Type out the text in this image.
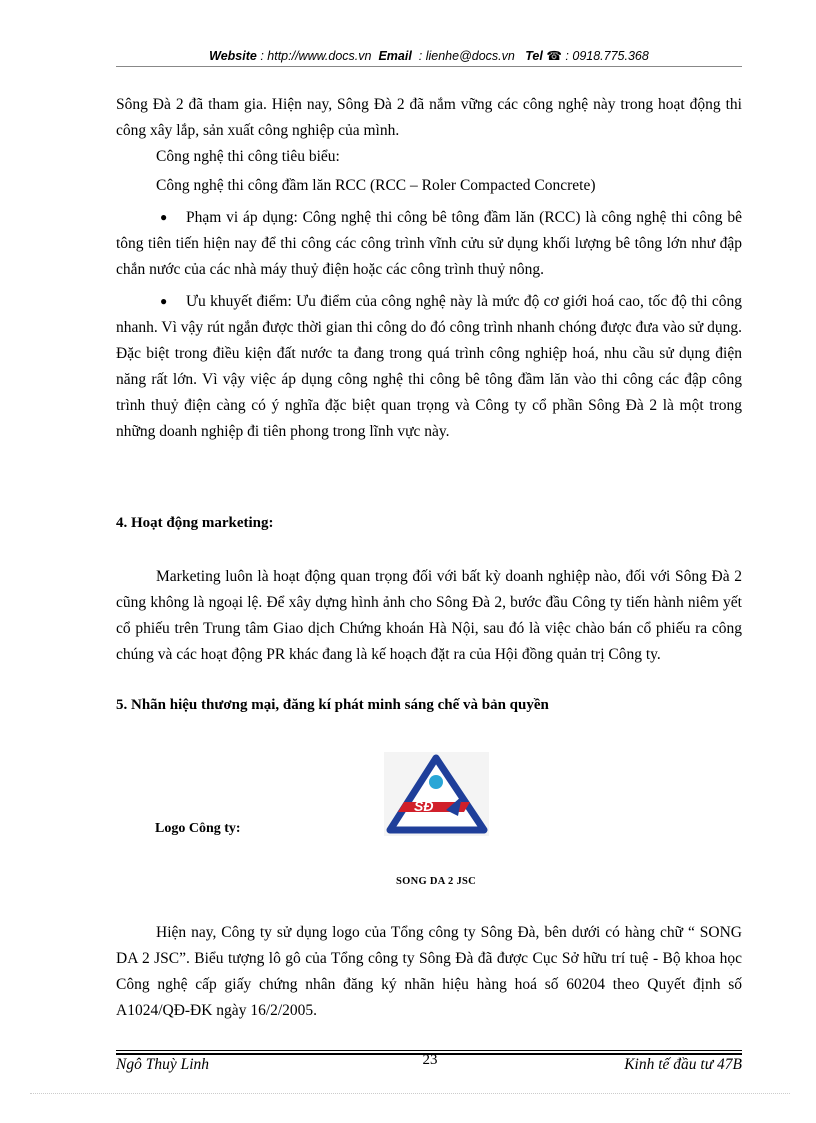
Website : http://www.docs.vn Email : lienhe@docs.vn Tel ☎ : 0918.775.368

Sông Đà 2 đã tham gia. Hiện nay, Sông Đà 2 đã nắm vững các công nghệ này trong hoạt động thi công xây lắp, sản xuất công nghiệp của mình.

Công nghệ thi công tiêu biểu:

Công nghệ thi công đầm lăn RCC (RCC – Roler Compacted Concrete)

● Phạm vi áp dụng: Công nghệ thi công bê tông đầm lăn (RCC) là công nghệ thi công bê tông tiên tiến hiện nay để thi công các công trình vĩnh cửu sử dụng khối lượng bê tông lớn như đập chắn nước của các nhà máy thuỷ điện hoặc các công trình thuỷ nông.

● Ưu khuyết điểm: Ưu điểm của công nghệ này là mức độ cơ giới hoá cao, tốc độ thi công nhanh. Vì vậy rút ngắn được thời gian thi công do đó công trình nhanh chóng được đưa vào sử dụng. Đặc biệt trong điều kiện đất nước ta đang trong quá trình công nghiệp hoá, nhu cầu sử dụng điện năng rất lớn. Vì vậy việc áp dụng công nghệ thi công bê tông đầm lăn vào thi công các đập công trình thuỷ điện càng có ý nghĩa đặc biệt quan trọng và Công ty cổ phần Sông Đà 2 là một trong những doanh nghiệp đi tiên phong trong lĩnh vực này.

4. Hoạt động marketing:

Marketing luôn là hoạt động quan trọng đối với bất kỳ doanh nghiệp nào, đối với Sông Đà 2 cũng không là ngoại lệ. Để xây dựng hình ảnh cho Sông Đà 2, bước đầu Công ty tiến hành niêm yết cổ phiếu trên Trung tâm Giao dịch Chứng khoán Hà Nội, sau đó là việc chào bán cổ phiếu ra công chúng và các hoạt động PR khác đang là kế hoạch đặt ra của Hội đồng quản trị Công ty.

5. Nhãn hiệu thương mại, đăng kí phát minh sáng chế và bản quyền
SĐ
Logo Công ty:
SONG DA 2 JSC

Hiện nay, Công ty sử dụng logo của Tổng công ty Sông Đà, bên dưới có hàng chữ “ SONG DA 2 JSC”. Biểu tượng lô gô của Tổng công ty Sông Đà đã được Cục Sở hữu trí tuệ - Bộ khoa học Công nghệ cấp giấy chứng nhân đăng ký nhãn hiệu hàng hoá số 60204 theo Quyết định số A1024/QĐ-ĐK ngày 16/2/2005.

Ngô Thuỳ Linh	23	Kinh tế đầu tư 47B
